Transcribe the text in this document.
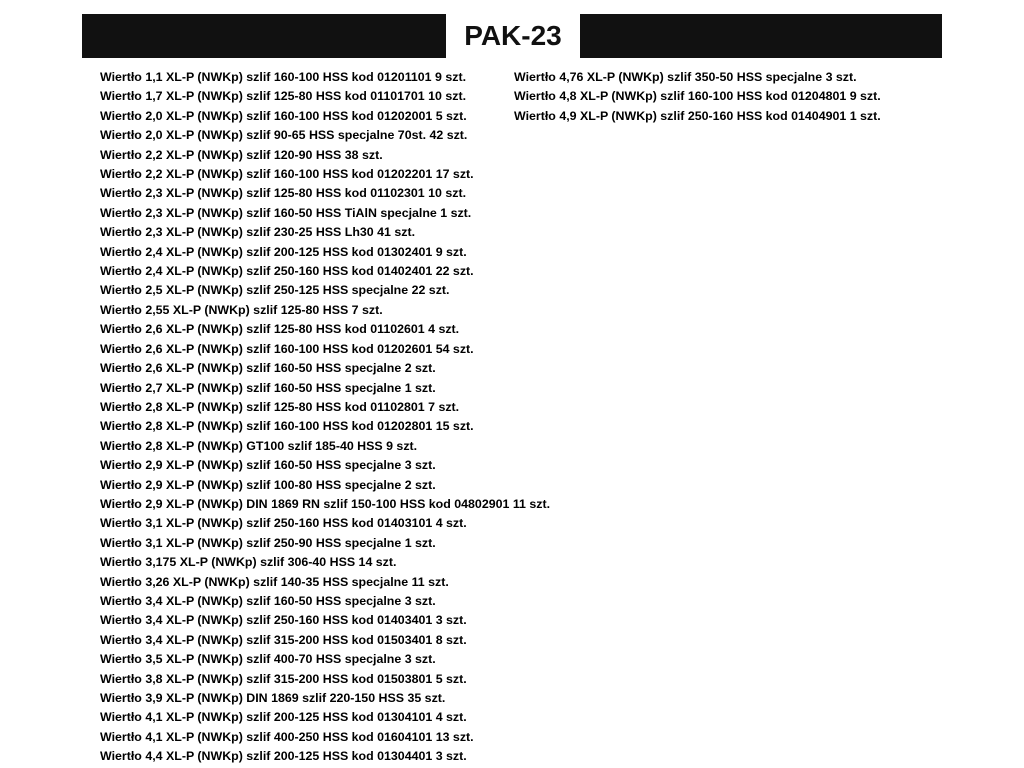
PAK-23
Wiertło 1,1 XL-P (NWKp) szlif 160-100 HSS kod 01201101 9 szt.
Wiertło 1,7 XL-P (NWKp) szlif 125-80 HSS kod 01101701 10 szt.
Wiertło 2,0 XL-P (NWKp) szlif 160-100 HSS kod 01202001 5 szt.
Wiertło 2,0 XL-P (NWKp) szlif 90-65 HSS specjalne 70st. 42 szt.
Wiertło 2,2 XL-P (NWKp) szlif 120-90 HSS 38 szt.
Wiertło 2,2 XL-P (NWKp) szlif 160-100 HSS kod 01202201 17 szt.
Wiertło 2,3 XL-P (NWKp) szlif 125-80 HSS kod 01102301 10 szt.
Wiertło 2,3 XL-P (NWKp) szlif 160-50 HSS TiAlN specjalne 1 szt.
Wiertło 2,3 XL-P (NWKp) szlif 230-25 HSS Lh30 41 szt.
Wiertło 2,4 XL-P (NWKp) szlif 200-125 HSS kod 01302401 9 szt.
Wiertło 2,4 XL-P (NWKp) szlif 250-160 HSS kod 01402401 22 szt.
Wiertło 2,5 XL-P (NWKp) szlif 250-125 HSS specjalne 22 szt.
Wiertło 2,55 XL-P (NWKp) szlif 125-80 HSS 7 szt.
Wiertło 2,6 XL-P (NWKp) szlif 125-80 HSS kod 01102601 4 szt.
Wiertło 2,6 XL-P (NWKp) szlif 160-100 HSS kod 01202601 54 szt.
Wiertło 2,6 XL-P (NWKp) szlif 160-50 HSS specjalne 2 szt.
Wiertło 2,7 XL-P (NWKp) szlif 160-50 HSS specjalne 1 szt.
Wiertło 2,8 XL-P (NWKp) szlif 125-80 HSS kod 01102801 7 szt.
Wiertło 2,8 XL-P (NWKp) szlif 160-100 HSS kod 01202801 15 szt.
Wiertło 2,8 XL-P (NWKp) GT100 szlif 185-40 HSS 9 szt.
Wiertło 2,9 XL-P (NWKp) szlif 160-50 HSS specjalne 3 szt.
Wiertło 2,9 XL-P (NWKp) szlif 100-80 HSS specjalne 2 szt.
Wiertło 2,9 XL-P (NWKp) DIN 1869 RN szlif 150-100 HSS kod 04802901 11 szt.
Wiertło 3,1 XL-P (NWKp) szlif 250-160 HSS kod 01403101 4 szt.
Wiertło 3,1 XL-P (NWKp) szlif 250-90 HSS specjalne 1 szt.
Wiertło 3,175 XL-P (NWKp) szlif 306-40 HSS 14 szt.
Wiertło 3,26 XL-P (NWKp) szlif 140-35 HSS specjalne 11 szt.
Wiertło 3,4 XL-P (NWKp) szlif 160-50 HSS specjalne 3 szt.
Wiertło 3,4 XL-P (NWKp) szlif 250-160 HSS kod 01403401 3 szt.
Wiertło 3,4 XL-P (NWKp) szlif 315-200 HSS kod 01503401 8 szt.
Wiertło 3,5 XL-P (NWKp) szlif 400-70 HSS specjalne 3 szt.
Wiertło 3,8 XL-P (NWKp) szlif 315-200 HSS kod 01503801 5 szt.
Wiertło 3,9 XL-P (NWKp) DIN 1869 szlif 220-150 HSS 35 szt.
Wiertło 4,1 XL-P (NWKp) szlif 200-125 HSS kod 01304101 4 szt.
Wiertło 4,1 XL-P (NWKp) szlif 400-250 HSS kod 01604101 13 szt.
Wiertło 4,4 XL-P (NWKp) szlif 200-125 HSS kod 01304401 3 szt.
Wiertło 4,76 XL-P (NWKp) szlif 350-50 HSS specjalne 3 szt.
Wiertło 4,8 XL-P (NWKp) szlif 160-100 HSS kod 01204801 9 szt.
Wiertło 4,9 XL-P (NWKp) szlif 250-160 HSS kod 01404901 1 szt.
